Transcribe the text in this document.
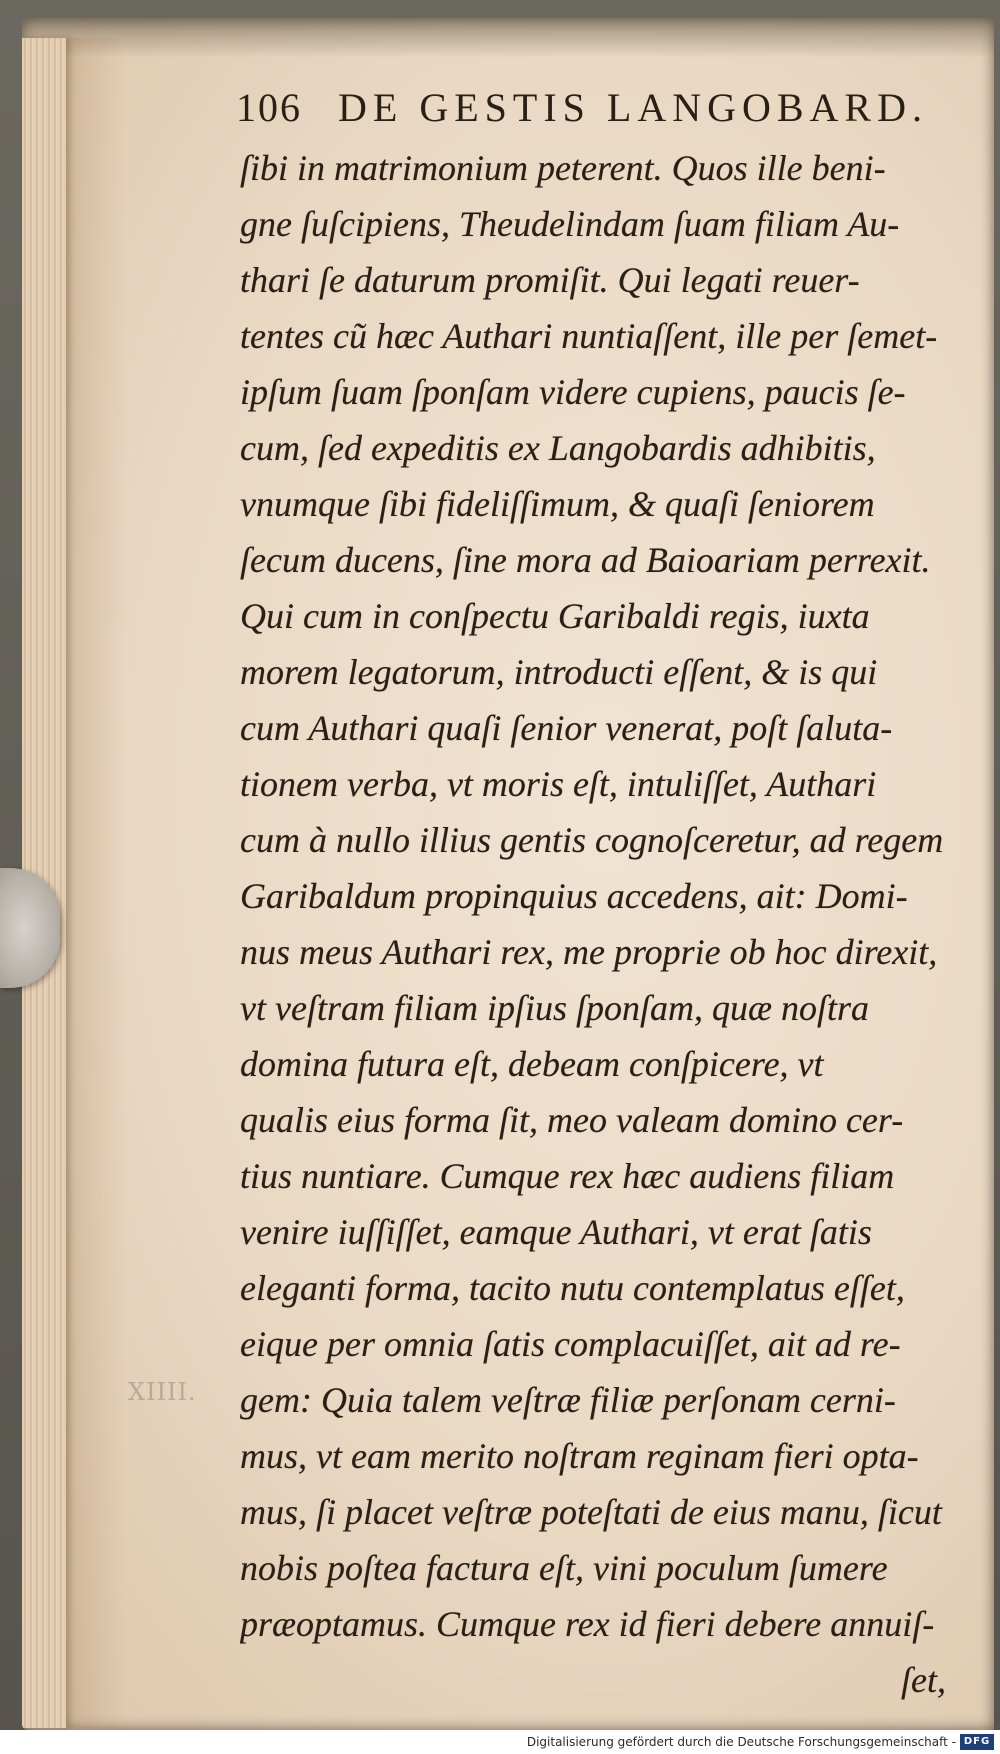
XIIII.
106 DE GESTIS LANGOBARD.
ſibi in matrimonium peterent. Quos ille beni-
gne ſuſcipiens, Theudelindam ſuam filiam Au-
thari ſe daturum promiſit. Qui legati reuer-
tentes cũ hæc Authari nuntiaſſent, ille per ſemet-
ipſum ſuam ſponſam videre cupiens, paucis ſe-
cum, ſed expeditis ex Langobardis adhibitis,
vnumque ſibi fideliſſimum, & quaſi ſeniorem
ſecum ducens, ſine mora ad Baioariam perrexit.
Qui cum in conſpectu Garibaldi regis, iuxta
morem legatorum, introducti eſſent, & is qui
cum Authari quaſi ſenior venerat, poſt ſaluta-
tionem verba, vt moris eſt, intuliſſet, Authari
cum à nullo illius gentis cognoſceretur, ad regem
Garibaldum propinquius accedens, ait: Domi-
nus meus Authari rex, me proprie ob hoc direxit,
vt veſtram filiam ipſius ſponſam, quæ noſtra
domina futura eſt, debeam conſpicere, vt
qualis eius forma ſit, meo valeam domino cer-
tius nuntiare. Cumque rex hæc audiens filiam
venire iuſſiſſet, eamque Authari, vt erat ſatis
eleganti forma, tacito nutu contemplatus eſſet,
eique per omnia ſatis complacuiſſet, ait ad re-
gem: Quia talem veſtræ filiæ perſonam cerni-
mus, vt eam merito noſtram reginam fieri opta-
mus, ſi placet veſtræ poteſtati de eius manu, ſicut
nobis poſtea factura eſt, vini poculum ſumere
præoptamus. Cumque rex id fieri debere annuiſ-
ſet,
Digitalisierung gefördert durch die Deutsche Forschungsgemeinschaft - DFG
